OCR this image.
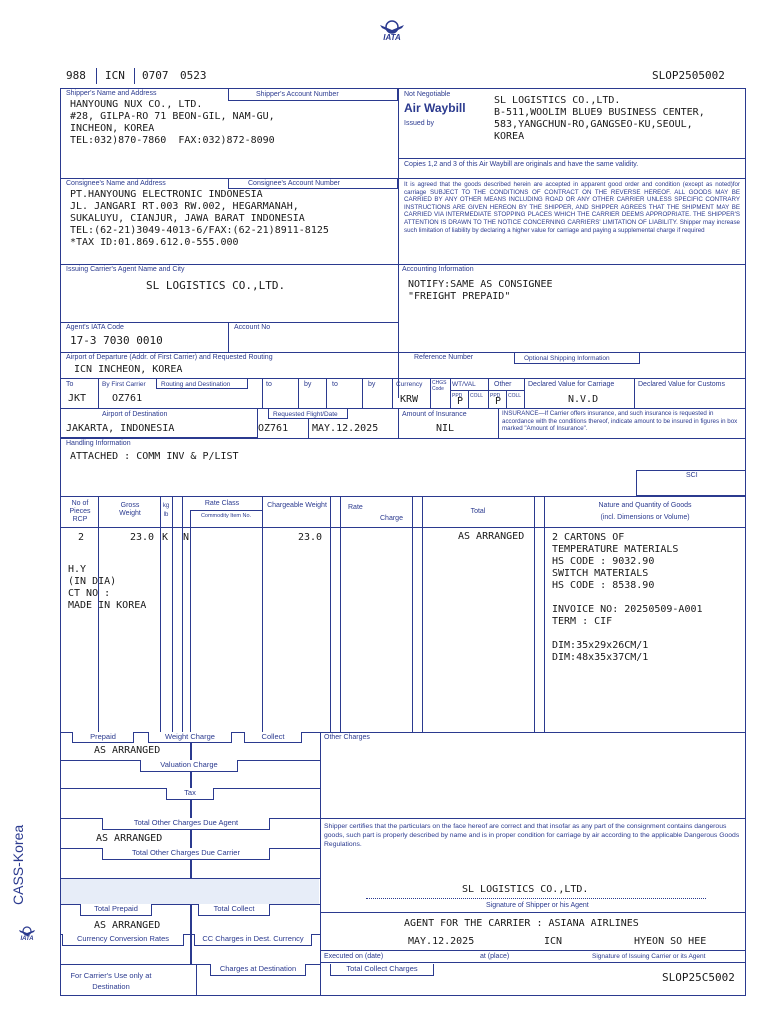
IATA
988 ICN 0707 0523	SLOP2505002
Shipper's Name and Address	Shipper's Account Number
HANYOUNG NUX CO., LTD.
#28, GILPA-RO 71 BEON-GIL, NAM-GU,
INCHEON, KOREA
TEL:032)870-7860  FAX:032)872-8090
Not Negotiable
Air Waybill
Issued by
SL LOGISTICS CO.,LTD.
B-511,WOOLIM BLUE9 BUSINESS CENTER,
583,YANGCHUN-RO,GANGSEO-KU,SEOUL,
KOREA
Copies 1,2 and 3 of this Air Waybill are originals and have the same validity.
It is agreed that the goods described herein are accepted in apparent good order and condition (except as noted)for carriage SUBJECT TO THE CONDITIONS OF CONTRACT ON THE REVERSE HEREOF. ALL GOODS MAY BE CARRIED BY ANY OTHER MEANS INCLUDING ROAD OR ANY OTHER CARRIER UNLESS SPECIFIC CONTRARY INSTRUCTIONS ARE GIVEN HEREON BY THE SHIPPER, AND SHIPPER AGREES THAT THE SHIPMENT MAY BE CARRIED VIA INTERMEDIATE STOPPING PLACES WHICH THE CARRIER DEEMS APPROPRIATE. THE SHIPPER'S ATTENTION IS DRAWN TO THE NOTICE CONCERNING CARRIERS' LIMITATION OF LIABILITY. Shipper may increase such limitation of liability by declaring a higher value for carriage and paying a supplemental charge if required
Consignee's Name and Address	Consignee's Account Number
PT.HANYOUNG ELECTRONIC INDONESIA
JL. JANGARI RT.003 RW.002, HEGARMANAH,
SUKALUYU, CIANJUR, JAWA BARAT INDONESIA
TEL:(62-21)3049-4013-6/FAX:(62-21)8911-8125
*TAX ID:01.869.612.0-555.000
Issuing Carrier's Agent Name and City
SL LOGISTICS CO.,LTD.
Accounting Information
NOTIFY:SAME AS CONSIGNEE
"FREIGHT PREPAID"
Agent's IATA Code
17-3 7030 0010
Account No
Airport of Departure (Addr. of First Carrier) and Requested Routing
ICN INCHEON, KOREA
Reference Number	Optional Shipping Information
To	By First Carrier Routing and Destination	to	by	to	by
JKT	OZ761
Currency CHGS Code
WT/VAL	Other
PPD COLL PPD COLL
KRW	P	P
Declared Value for Carriage
N.V.D
Declared Value for Customs
Airport of Destination
JAKARTA, INDONESIA
Requested Flight/Date
OZ761 MAY.12.2025
Amount of Insurance
NIL
INSURANCE—If Carrier offers insurance, and such insurance is requested in accordance with the conditions thereof, indicate amount to be insured in figures in box marked "Amount of Insurance".
Handling Information
ATTACHED : COMM INV & P/LIST
SCI
No of Pieces RCP
Gross Weight
kg lb
Rate Class
Commodity Item No.
Chargeable Weight	Rate
Charge
Total
Nature and Quantity of Goods
(incl. Dimensions or Volume)
2	23.0 K N	23.0	AS ARRANGED
H.Y
(IN DIA)
CT NO :
MADE IN KOREA
2 CARTONS OF
TEMPERATURE MATERIALS
HS CODE : 9032.90
SWITCH MATERIALS
HS CODE : 8538.90

INVOICE NO: 20250509-A001
TERM : CIF

DIM:35x29x26CM/1
DIM:48x35x37CM/1
Prepaid	Weight Charge	Collect	Other Charges
AS ARRANGED
Valuation Charge
Tax
Total Other Charges Due Agent
AS ARRANGED
Total Other Charges Due Carrier
Shipper certifies that the particulars on the face hereof are correct and that insofar as any part of the consignment contains dangerous goods, such part is properly described by name and is in proper condition for carriage by air according to the applicable Dangerous Goods Regulations.
SL LOGISTICS CO.,LTD.
Signature of Shipper or his Agent
Total Prepaid	Total Collect
AS ARRANGED
Currency Conversion Rates	CC Charges in Dest. Currency
AGENT FOR THE CARRIER : ASIANA AIRLINES
MAY.12.2025	ICN	HYEON SO HEE
Executed on (date)	at (place)	Signature of Issuing Carrier or its Agent
For Carrier's Use only at Destination
Charges at Destination	Total Collect Charges
CASS-Korea
IATA
SLOP25C5002
